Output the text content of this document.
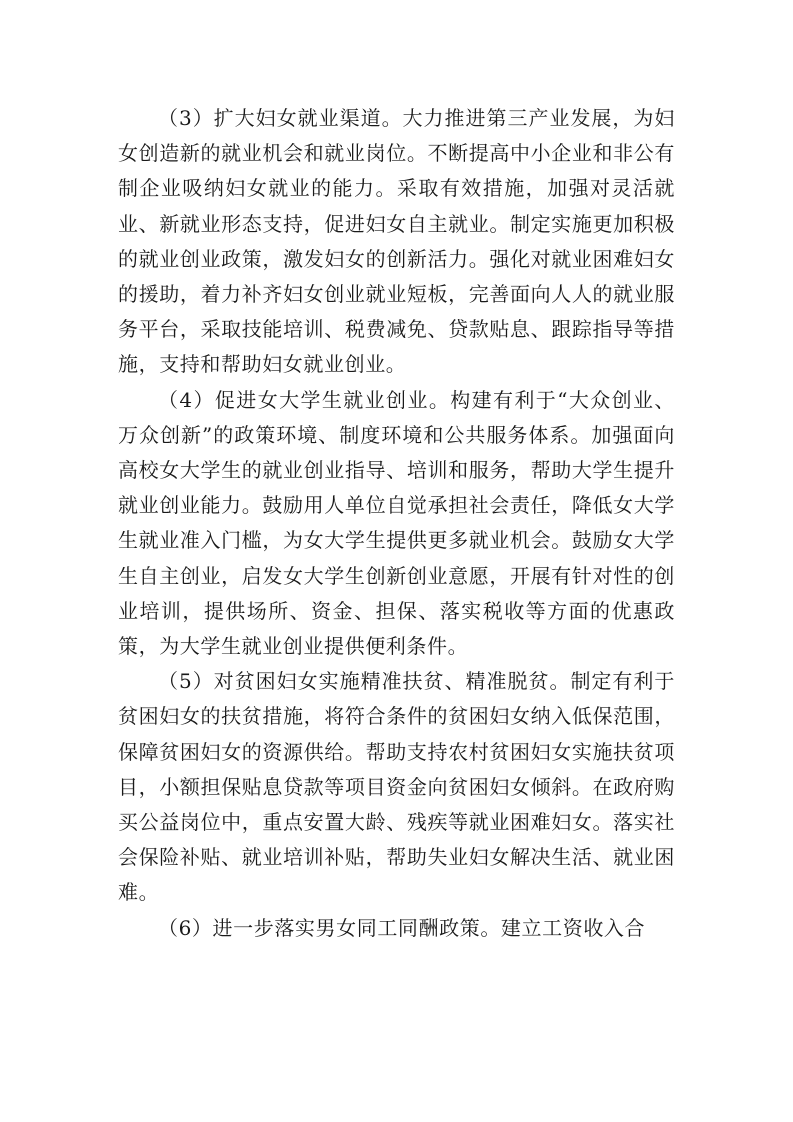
（3）扩大妇女就业渠道。大力推进第三产业发展，为妇女创造新的就业机会和就业岗位。不断提高中小企业和非公有制企业吸纳妇女就业的能力。采取有效措施，加强对灵活就业、新就业形态支持，促进妇女自主就业。制定实施更加积极的就业创业政策，激发妇女的创新活力。强化对就业困难妇女的援助，着力补齐妇女创业就业短板，完善面向人人的就业服务平台，采取技能培训、税费减免、贷款贴息、跟踪指导等措施，支持和帮助妇女就业创业。

（4）促进女大学生就业创业。构建有利于“大众创业、万众创新”的政策环境、制度环境和公共服务体系。加强面向高校女大学生的就业创业指导、培训和服务，帮助大学生提升就业创业能力。鼓励用人单位自觉承担社会责任，降低女大学生就业准入门槛，为女大学生提供更多就业机会。鼓励女大学生自主创业，启发女大学生创新创业意愿，开展有针对性的创业培训，提供场所、资金、担保、落实税收等方面的优惠政策，为大学生就业创业提供便利条件。

（5）对贫困妇女实施精准扶贫、精准脱贫。制定有利于贫困妇女的扶贫措施，将符合条件的贫困妇女纳入低保范围，保障贫困妇女的资源供给。帮助支持农村贫困妇女实施扶贫项目，小额担保贴息贷款等项目资金向贫困妇女倾斜。在政府购买公益岗位中，重点安置大龄、残疾等就业困难妇女。落实社会保险补贴、就业培训补贴，帮助失业妇女解决生活、就业困难。

（6）进一步落实男女同工同酬政策。建立工资收入合
